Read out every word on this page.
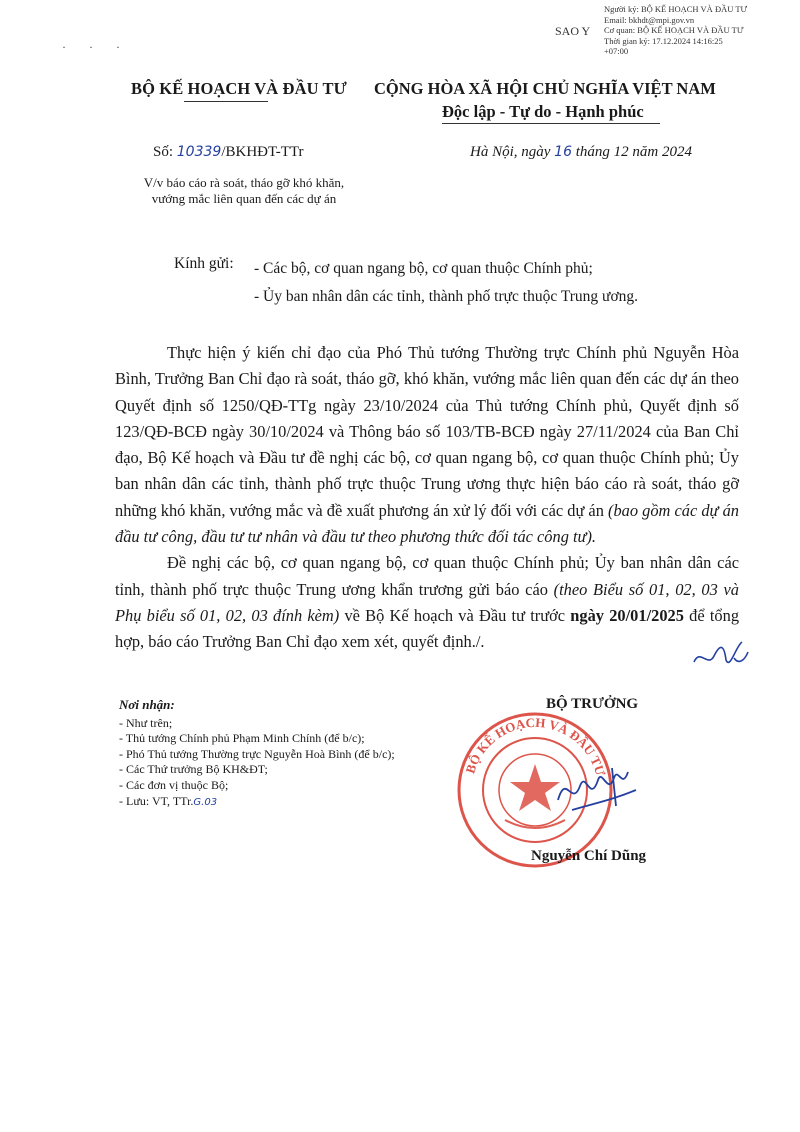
Người ký: BỘ KẾ HOẠCH VÀ ĐẦU TƯ
Email: bkhdt@mpi.gov.vn
Cơ quan: BỘ KẾ HOẠCH VÀ ĐẦU TƯ
Thời gian ký: 17.12.2024 14:16:25
+07:00
SAO Y
· · ·
BỘ KẾ HOẠCH VÀ ĐẦU TƯ CỘNG HÒA XÃ HỘI CHỦ NGHĨA VIỆT NAM
Độc lập - Tự do - Hạnh phúc
Số: 10339/BKHĐT-TTr	Hà Nội, ngày 16 tháng 12 năm 2024
V/v báo cáo rà soát, tháo gỡ khó khăn, vướng mắc liên quan đến các dự án
Kính gửi: - Các bộ, cơ quan ngang bộ, cơ quan thuộc Chính phủ;
- Ủy ban nhân dân các tỉnh, thành phố trực thuộc Trung ương.

Thực hiện ý kiến chỉ đạo của Phó Thủ tướng Thường trực Chính phủ Nguyễn Hòa Bình, Trưởng Ban Chỉ đạo rà soát, tháo gỡ, khó khăn, vướng mắc liên quan đến các dự án theo Quyết định số 1250/QĐ-TTg ngày 23/10/2024 của Thủ tướng Chính phủ, Quyết định số 123/QĐ-BCĐ ngày 30/10/2024 và Thông báo số 103/TB-BCĐ ngày 27/11/2024 của Ban Chỉ đạo, Bộ Kế hoạch và Đầu tư đề nghị các bộ, cơ quan ngang bộ, cơ quan thuộc Chính phủ; Ủy ban nhân dân các tỉnh, thành phố trực thuộc Trung ương thực hiện báo cáo rà soát, tháo gỡ những khó khăn, vướng mắc và đề xuất phương án xử lý đối với các dự án (bao gồm các dự án đầu tư công, đầu tư tư nhân và đầu tư theo phương thức đối tác công tư).

Đề nghị các bộ, cơ quan ngang bộ, cơ quan thuộc Chính phủ; Ủy ban nhân dân các tỉnh, thành phố trực thuộc Trung ương khẩn trương gửi báo cáo (theo Biểu số 01, 02, 03 và Phụ biểu số 01, 02, 03 đính kèm) về Bộ Kế hoạch và Đầu tư trước ngày 20/01/2025 để tổng hợp, báo cáo Trưởng Ban Chỉ đạo xem xét, quyết định./.

Nơi nhận:
- Như trên;
- Thủ tướng Chính phủ Phạm Minh Chính (để b/c);
- Phó Thủ tướng Thường trực Nguyễn Hoà Bình (để b/c);
- Các Thứ trưởng Bộ KH&ĐT;
- Các đơn vị thuộc Bộ;
- Lưu: VT, TTr.G.03
BỘ TRƯỞNG
BỘ KẾ HOẠCH VÀ ĐẦU TƯ
Nguyễn Chí Dũng
